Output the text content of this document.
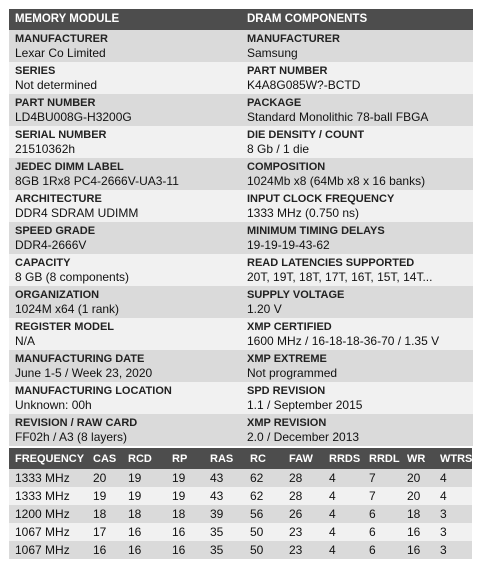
MEMORY MODULE
MANUFACTURER
Lexar Co Limited
SERIES
Not determined
PART NUMBER
LD4BU008G-H3200G
SERIAL NUMBER
21510362h
JEDEC DIMM LABEL
8GB 1Rx8 PC4-2666V-UA3-11
ARCHITECTURE
DDR4 SDRAM UDIMM
SPEED GRADE
DDR4-2666V
CAPACITY
8 GB (8 components)
ORGANIZATION
1024M x64 (1 rank)
REGISTER MODEL
N/A
MANUFACTURING DATE
June 1-5 / Week 23, 2020
MANUFACTURING LOCATION
Unknown: 00h
REVISION / RAW CARD
FF02h / A3 (8 layers)
DRAM COMPONENTS
MANUFACTURER
Samsung
PART NUMBER
K4A8G085W?-BCTD
PACKAGE
Standard Monolithic 78-ball FBGA
DIE DENSITY / COUNT
8 Gb / 1 die
COMPOSITION
1024Mb x8 (64Mb x8 x 16 banks)
INPUT CLOCK FREQUENCY
1333 MHz (0.750 ns)
MINIMUM TIMING DELAYS
19-19-19-43-62
READ LATENCIES SUPPORTED
20T, 19T, 18T, 17T, 16T, 15T, 14T...
SUPPLY VOLTAGE
1.20 V
XMP CERTIFIED
1600 MHz / 16-18-18-36-70 / 1.35 V
XMP EXTREME
Not programmed
SPD REVISION
1.1 / September 2015
XMP REVISION
2.0 / December 2013
FREQUENCY	CAS	RCD	RP	RAS	RC	FAW	RRDS	RRDL	WR	WTRS
1333 MHz	20	19	19	43	62	28	4	7	20	4
1333 MHz	19	19	19	43	62	28	4	7	20	4
1200 MHz	18	18	18	39	56	26	4	6	18	3
1067 MHz	17	16	16	35	50	23	4	6	16	3
1067 MHz	16	16	16	35	50	23	4	6	16	3
